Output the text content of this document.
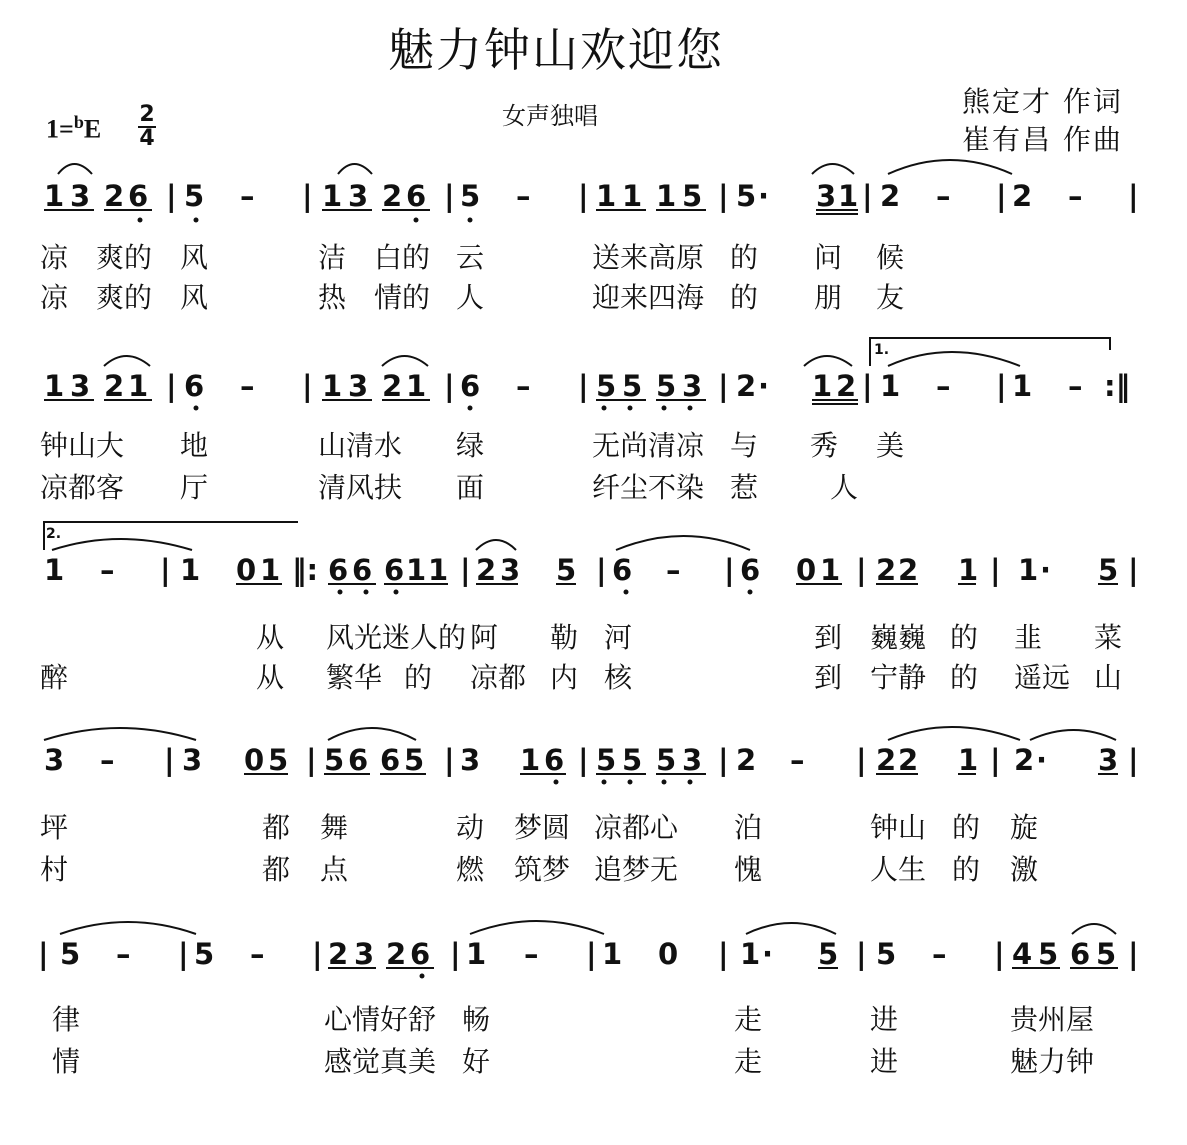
魅力钟山欢迎您
女声独唱	熊定才 作词
崔有昌 作曲
1=$^b$E
2
4
1 3 2 6 | 5 – | 1 3 2 6 | 5 – | 1 1 1 5 | 5 · 3 1 | 2 – | 2 – |
凉 爽的 风	洁 白的 云	送来高原 的 问 候
凉 爽的 风	热 情的 人	迎来四海 的 朋 友
1.
1 3 2 1 | 6 – | 1 3 2 1 | 6 – | 5 5 5 3 | 2 · 1 2 | 1 – | 1 – :‖
钟山大 地	山清水 绿	无尚清凉 与 秀 美
凉都客 厅	清风扶 面	纤尘不染 惹	人
2.
1 – | 1 0 1 ‖: 6 6 6 1 1 | 2 3 5 | 6 – | 6 0 1 | 2 2 1 | 1 · 5 |
从 风光迷人的 阿 勒 河	到 巍巍 的 韭 菜
醉	从 繁华 的 凉都 内 核	到 宁静 的 遥远 山
3 – | 3 0 5 | 5 6 6 5 | 3 1 6 | 5 5 5 3 | 2 – | 2 2 1 | 2 · 3 |
坪	都 舞	动 梦圆 凉都心 泊	钟山 的 旋
村	都 点	燃 筑梦 追梦无 愧	人生 的 激
| 5 – | 5 – | 2 3 2 6 | 1 – | 1 0 | 1 · 5 | 5 – | 4 5 6 5 |
律	心情好舒 畅	走	进	贵州屋
情	感觉真美 好	走	进	魅力钟
